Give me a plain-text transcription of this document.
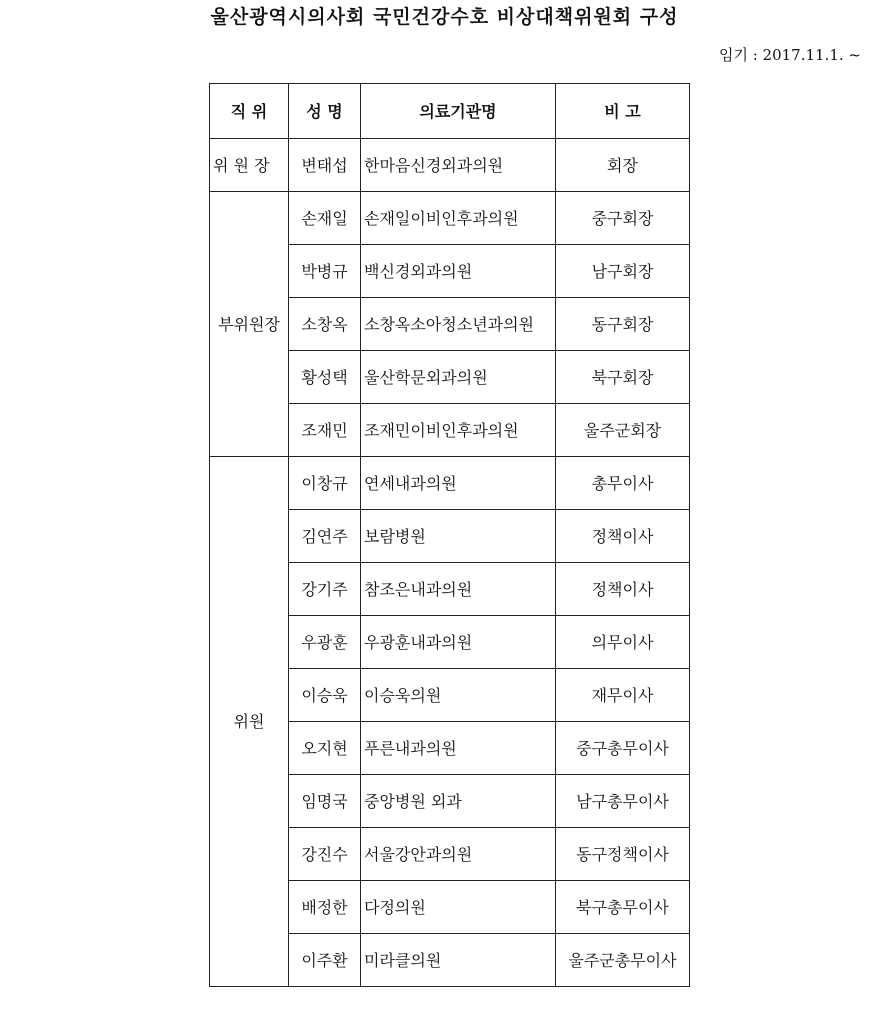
울산광역시의사회 국민건강수호 비상대책위원회 구성
임기 : 2017.11.1. ~
직 위	성 명	의료기관명	비 고
위 원 장	변태섭	한마음신경외과의원	회장
부위원장	손재일	손재일이비인후과의원	중구회장
	박병규	백신경외과의원	남구회장
	소창옥	소창옥소아청소년과의원	동구회장
	황성택	울산학문외과의원	북구회장
	조재민	조재민이비인후과의원	울주군회장
위원	이창규	연세내과의원	총무이사
	김연주	보람병원	정책이사
	강기주	참조은내과의원	정책이사
	우광훈	우광훈내과의원	의무이사
	이승욱	이승욱의원	재무이사
	오지현	푸른내과의원	중구총무이사
	임명국	중앙병원 외과	남구총무이사
	강진수	서울강안과의원	동구정책이사
	배정한	다정의원	북구총무이사
	이주환	미라클의원	울주군총무이사
